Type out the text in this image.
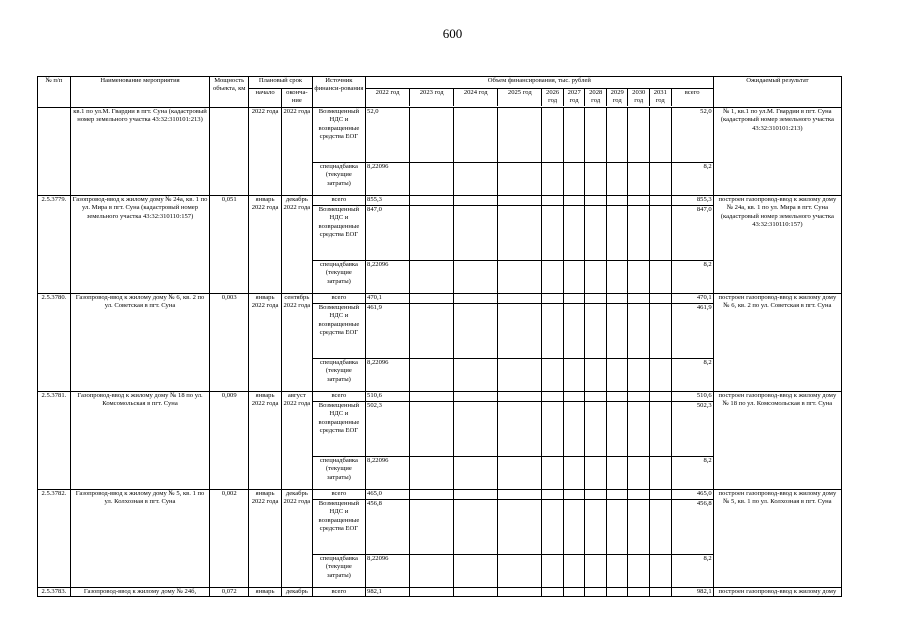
600
№ п/п	Наименование мероприятия	Мощность объекта, км	Плановый срок		Источник финанси-рования	Объем финансирования, тыс. рублей											Ожидаемый результат
			начало	оконча-ние		2022 год	2023 год	2024 год	2025 год	2026 год	2027 год	2028 год	2029 год	2030 год	2031 год	всего	

	кв.1 по ул.М. Гвардии в пгт. Суна (кадастровый номер земельного участка 43:32:310101:213)		2022 года	2022 года	Возмещенный НДС и возвращенные средства ЕОГ	52,0										52,0	№ 1, кв.1 по ул.М. Гвардии в пгт. Суна (кадастровый номер земельного участка 43:32:310101:213)
					спецнадбавка (текущие затраты)	8,22096										8,2	
2.5.3779.	Газопровод-ввод к жилому дому № 24а, кв. 1 по ул. Мира в пгт. Суна (кадастровый номер земельного участка 43:32:310110:157)	0,051	январь 2022 года	декабрь 2022 года	всего	855,3										855,3	построен газопровод-ввод к жилому дому № 24а, кв. 1 по ул. Мира в пгт. Суна (кадастровый номер земельного участка 43:32:310110:157)
					Возмещенный НДС и возвращенные средства ЕОГ	847,0										847,0	
					спецнадбавка (текущие затраты)	8,22096										8,2	
2.5.3780.	Газопровод-ввод к жилому дому № 6, кв. 2 по ул. Советская в пгт. Суна	0,003	январь 2022 года	сентябрь 2022 года	всего	470,1										470,1	построен газопровод-ввод к жилому дому № 6, кв. 2 по ул. Советская в пгт. Суна
					Возмещенный НДС и возвращенные средства ЕОГ	461,9										461,9	
					спецнадбавка (текущие затраты)	8,22096										8,2	
2.5.3781.	Газопровод-ввод к жилому дому № 18 по ул. Комсомольская в пгт. Суна	0,009	январь 2022 года	август 2022 года	всего	510,6										510,6	построен газопровод-ввод к жилому дому № 18 по ул. Комсомольская в пгт. Суна
					Возмещенный НДС и возвращенные средства ЕОГ	502,3										502,3	
					спецнадбавка (текущие затраты)	8,22096										8,2	
2.5.3782.	Газопровод-ввод к жилому дому № 5, кв. 1 по ул. Колхозная в пгт. Суна	0,002	январь 2022 года	декабрь 2022 года	всего	465,0										465,0	построен газопровод-ввод к жилому дому № 5, кв. 1 по ул. Колхозная в пгт. Суна
					Возмещенный НДС и возвращенные средства ЕОГ	456,8										456,8	
					спецнадбавка (текущие затраты)	8,22096										8,2	
2.5.3783.	Газопровод-ввод к жилому дому № 24б,	0,072	январь	декабрь	всего	982,1										982,1	построен газопровод-ввод к жилому дому
